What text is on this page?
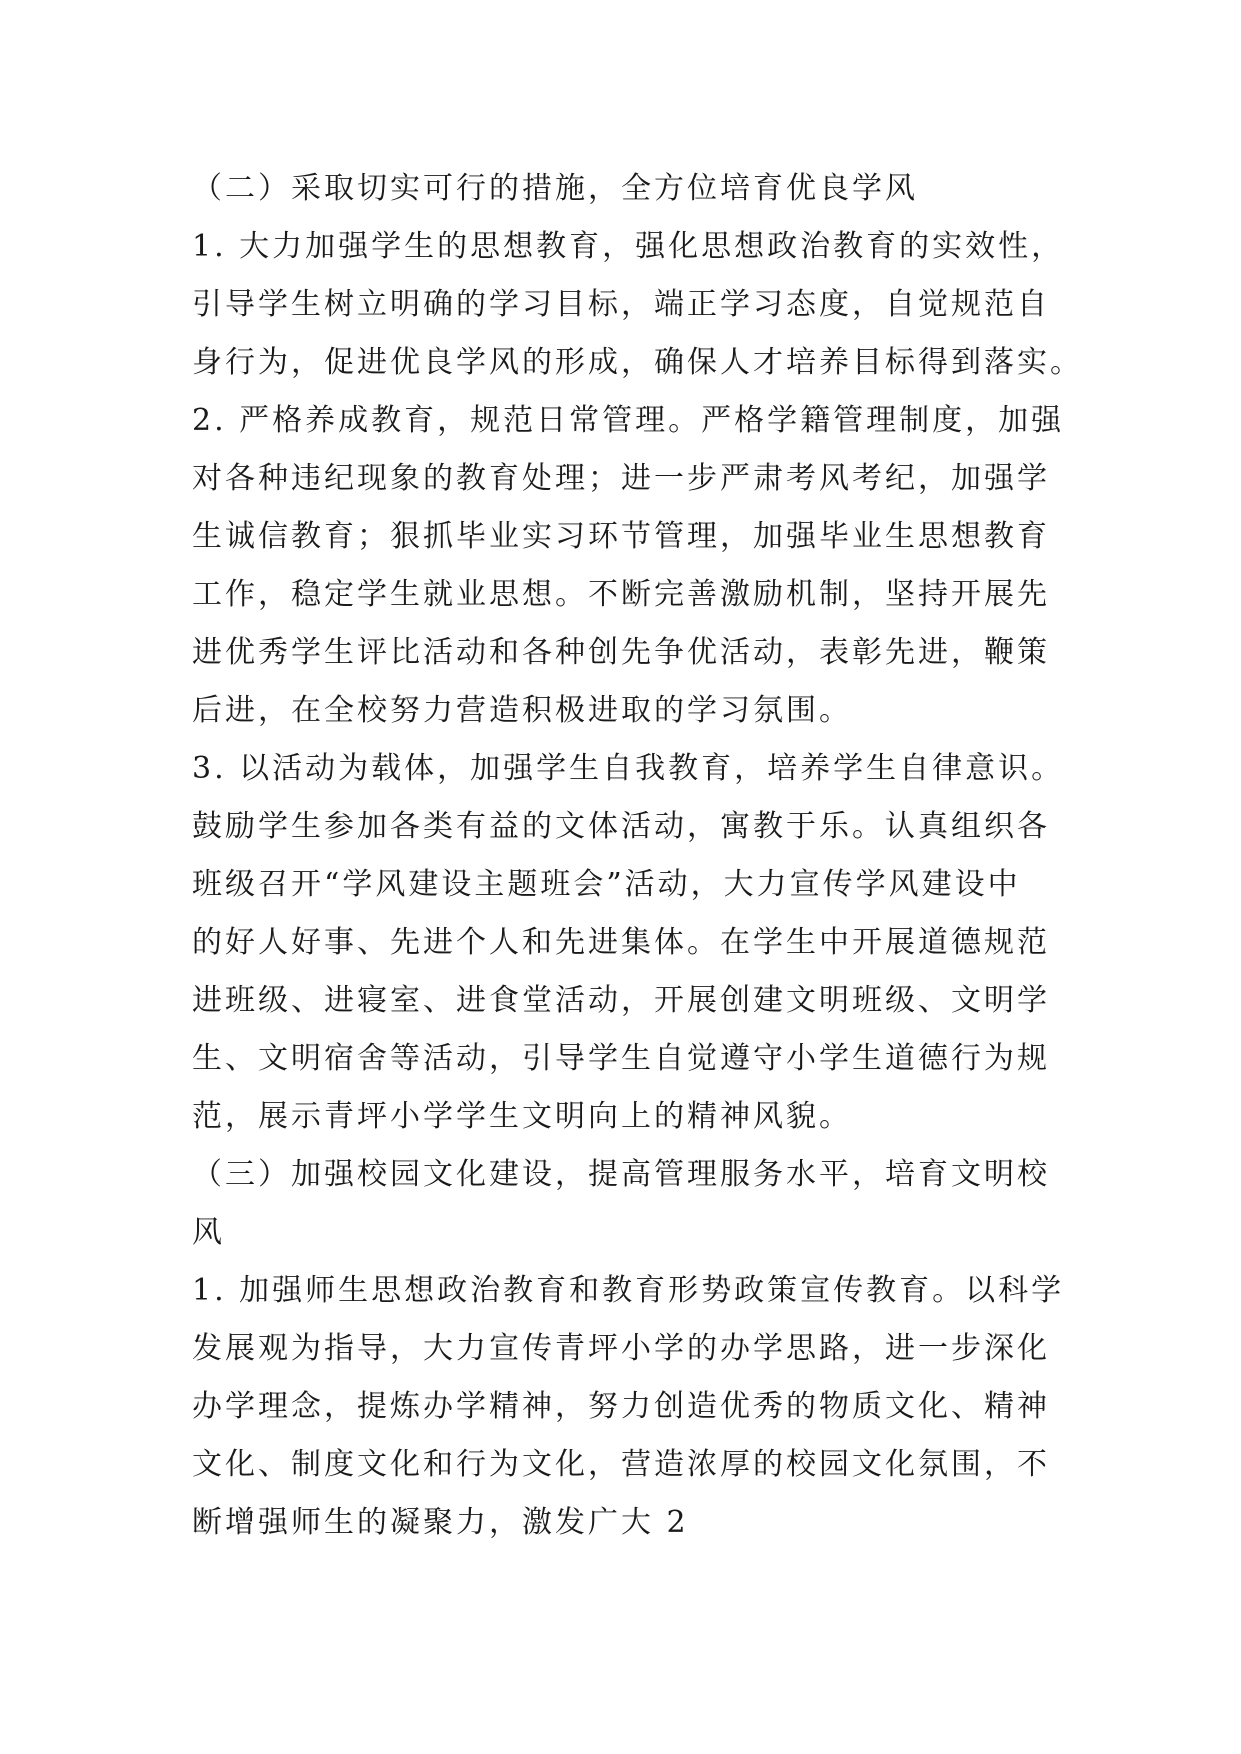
（二）采取切实可行的措施，全方位培育优良学风
1. 大力加强学生的思想教育，强化思想政治教育的实效性，
引导学生树立明确的学习目标，端正学习态度，自觉规范自
身行为，促进优良学风的形成，确保人才培养目标得到落实。
2. 严格养成教育，规范日常管理。严格学籍管理制度，加强
对各种违纪现象的教育处理；进一步严肃考风考纪，加强学
生诚信教育；狠抓毕业实习环节管理，加强毕业生思想教育
工作，稳定学生就业思想。不断完善激励机制，坚持开展先
进优秀学生评比活动和各种创先争优活动，表彰先进，鞭策
后进，在全校努力营造积极进取的学习氛围。
3. 以活动为载体，加强学生自我教育，培养学生自律意识。
鼓励学生参加各类有益的文体活动，寓教于乐。认真组织各
班级召开“学风建设主题班会”活动，大力宣传学风建设中
的好人好事、先进个人和先进集体。在学生中开展道德规范
进班级、进寝室、进食堂活动，开展创建文明班级、文明学
生、文明宿舍等活动，引导学生自觉遵守小学生道德行为规
范，展示青坪小学学生文明向上的精神风貌。
（三）加强校园文化建设，提高管理服务水平，培育文明校
风
1. 加强师生思想政治教育和教育形势政策宣传教育。以科学
发展观为指导，大力宣传青坪小学的办学思路，进一步深化
办学理念，提炼办学精神，努力创造优秀的物质文化、精神
文化、制度文化和行为文化，营造浓厚的校园文化氛围，不
断增强师生的凝聚力，激发广大 2
